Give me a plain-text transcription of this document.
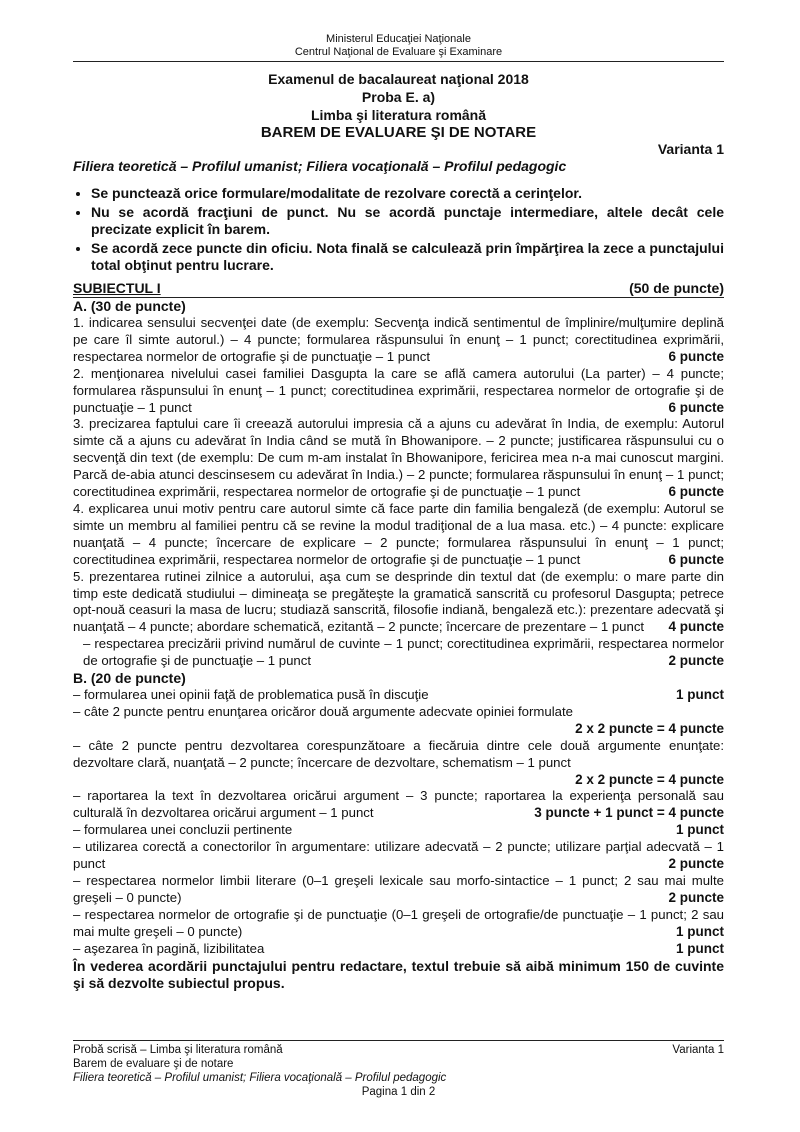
Ministerul Educaţiei Naţionale
Centrul Naţional de Evaluare şi Examinare
Examenul de bacalaureat naţional 2018
Proba E. a)
Limba şi literatura română
BAREM DE EVALUARE ŞI DE NOTARE
Varianta 1
Filiera teoretică – Profilul umanist; Filiera vocaţională – Profilul pedagogic
• Se punctează orice formulare/modalitate de rezolvare corectă a cerinţelor.
• Nu se acordă fracţiuni de punct. Nu se acordă punctaje intermediare, altele decât cele precizate explicit în barem.
• Se acordă zece puncte din oficiu. Nota finală se calculează prin împărţirea la zece a punctajului total obţinut pentru lucrare.
SUBIECTUL I	(50 de puncte)
A. (30 de puncte)
1. indicarea sensului secvenţei date (de exemplu: Secvenţa indică sentimentul de împlinire/mulţumire deplină pe care îl simte autorul.) – 4 puncte; formularea răspunsului în enunţ – 1 punct; corectitudinea exprimării, respectarea normelor de ortografie şi de punctuaţie – 1 punct	6 puncte
2. menţionarea nivelului casei familiei Dasgupta la care se află camera autorului (La parter) – 4 puncte; formularea răspunsului în enunţ – 1 punct; corectitudinea exprimării, respectarea normelor de ortografie şi de punctuaţie – 1 punct	6 puncte
3. precizarea faptului care îi creează autorului impresia că a ajuns cu adevărat în India, de exemplu: Autorul simte că a ajuns cu adevărat în India când se mută în Bhowanipore. – 2 puncte; justificarea răspunsului cu o secvenţă din text (de exemplu: De cum m-am instalat în Bhowanipore, fericirea mea n-a mai cunoscut margini. Parcă de-abia atunci descinsesem cu adevărat în India.) – 2 puncte; formularea răspunsului în enunţ – 1 punct; corectitudinea exprimării, respectarea normelor de ortografie şi de punctuaţie – 1 punct	6 puncte
4. explicarea unui motiv pentru care autorul simte că face parte din familia bengaleză (de exemplu: Autorul se simte un membru al familiei pentru că se revine la modul tradiţional de a lua masa. etc.) – 4 puncte: explicare nuanţată – 4 puncte; încercare de explicare – 2 puncte; formularea răspunsului în enunţ – 1 punct; corectitudinea exprimării, respectarea normelor de ortografie şi de punctuaţie – 1 punct	6 puncte
5. prezentarea rutinei zilnice a autorului, aşa cum se desprinde din textul dat (de exemplu: o mare parte din timp este dedicată studiului – dimineaţa se pregăteşte la gramatică sanscrită cu profesorul Dasgupta; petrece opt-nouă ceasuri la masa de lucru; studiază sanscrită, filosofie indiană, bengaleză etc.): prezentare adecvată şi nuanţată – 4 puncte; abordare schematică, ezitantă – 2 puncte; încercare de prezentare – 1 punct 4 puncte
– respectarea precizării privind numărul de cuvinte – 1 punct; corectitudinea exprimării, respectarea normelor de ortografie şi de punctuaţie – 1 punct	2 puncte
B. (20 de puncte)
– formularea unei opinii faţă de problematica pusă în discuţie	1 punct
– câte 2 puncte pentru enunţarea oricăror două argumente adecvate opiniei formulate
2 x 2 puncte = 4 puncte
– câte 2 puncte pentru dezvoltarea corespunzătoare a fiecăruia dintre cele două argumente enunţate: dezvoltare clară, nuanţată – 2 puncte; încercare de dezvoltare, schematism – 1 punct
2 x 2 puncte = 4 puncte
– raportarea la text în dezvoltarea oricărui argument – 3 puncte; raportarea la experienţa personală sau culturală în dezvoltarea oricărui argument – 1 punct	3 puncte + 1 punct = 4 puncte
– formularea unei concluzii pertinente	1 punct
– utilizarea corectă a conectorilor în argumentare: utilizare adecvată – 2 puncte; utilizare parţial adecvată – 1 punct	2 puncte
– respectarea normelor limbii literare (0–1 greşeli lexicale sau morfo-sintactice – 1 punct; 2 sau mai multe greşeli – 0 puncte)	2 puncte
– respectarea normelor de ortografie şi de punctuaţie (0–1 greşeli de ortografie/de punctuaţie – 1 punct; 2 sau mai multe greşeli – 0 puncte)	1 punct
– aşezarea în pagină, lizibilitatea	1 punct
În vederea acordării punctajului pentru redactare, textul trebuie să aibă minimum 150 de cuvinte şi să dezvolte subiectul propus.
Probă scrisă – Limba şi literatura română	Varianta 1
Barem de evaluare şi de notare
Filiera teoretică – Profilul umanist; Filiera vocaţională – Profilul pedagogic
Pagina 1 din 2
